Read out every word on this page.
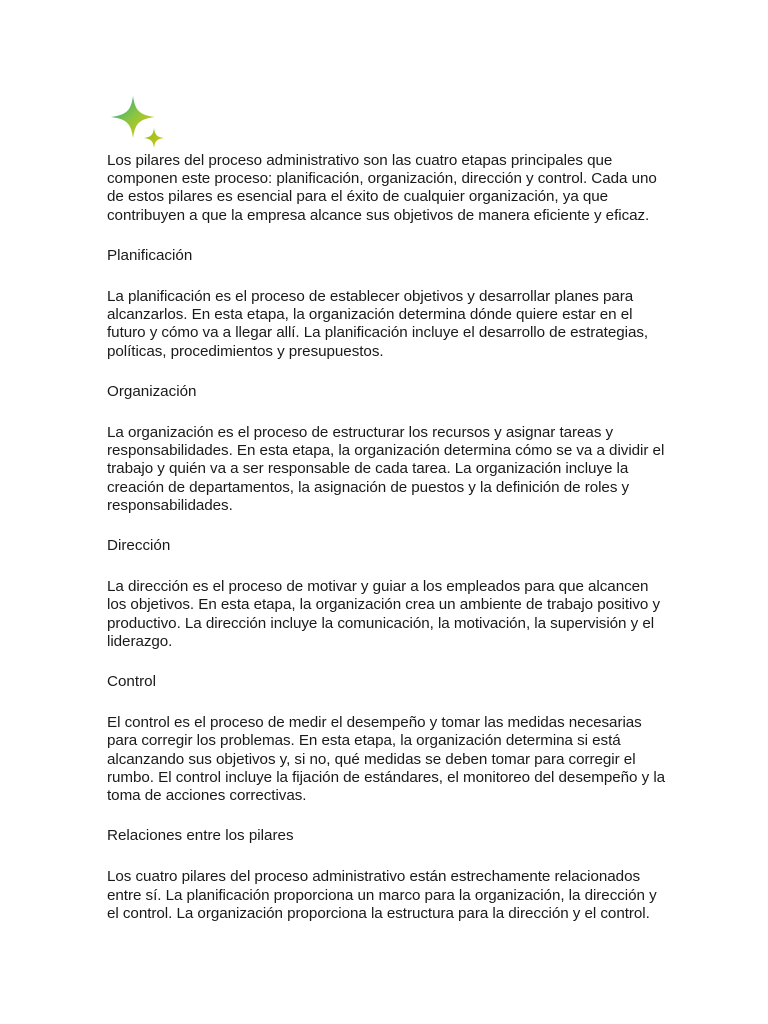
Los pilares del proceso administrativo son las cuatro etapas principales que componen este proceso: planificación, organización, dirección y control. Cada uno de estos pilares es esencial para el éxito de cualquier organización, ya que contribuyen a que la empresa alcance sus objetivos de manera eficiente y eficaz.

Planificación

La planificación es el proceso de establecer objetivos y desarrollar planes para alcanzarlos. En esta etapa, la organización determina dónde quiere estar en el futuro y cómo va a llegar allí. La planificación incluye el desarrollo de estrategias, políticas, procedimientos y presupuestos.

Organización

La organización es el proceso de estructurar los recursos y asignar tareas y responsabilidades. En esta etapa, la organización determina cómo se va a dividir el trabajo y quién va a ser responsable de cada tarea. La organización incluye la creación de departamentos, la asignación de puestos y la definición de roles y responsabilidades.

Dirección

La dirección es el proceso de motivar y guiar a los empleados para que alcancen los objetivos. En esta etapa, la organización crea un ambiente de trabajo positivo y productivo. La dirección incluye la comunicación, la motivación, la supervisión y el liderazgo.

Control

El control es el proceso de medir el desempeño y tomar las medidas necesarias para corregir los problemas. En esta etapa, la organización determina si está alcanzando sus objetivos y, si no, qué medidas se deben tomar para corregir el rumbo. El control incluye la fijación de estándares, el monitoreo del desempeño y la toma de acciones correctivas.

Relaciones entre los pilares

Los cuatro pilares del proceso administrativo están estrechamente relacionados entre sí. La planificación proporciona un marco para la organización, la dirección y el control. La organización proporciona la estructura para la dirección y el control.
